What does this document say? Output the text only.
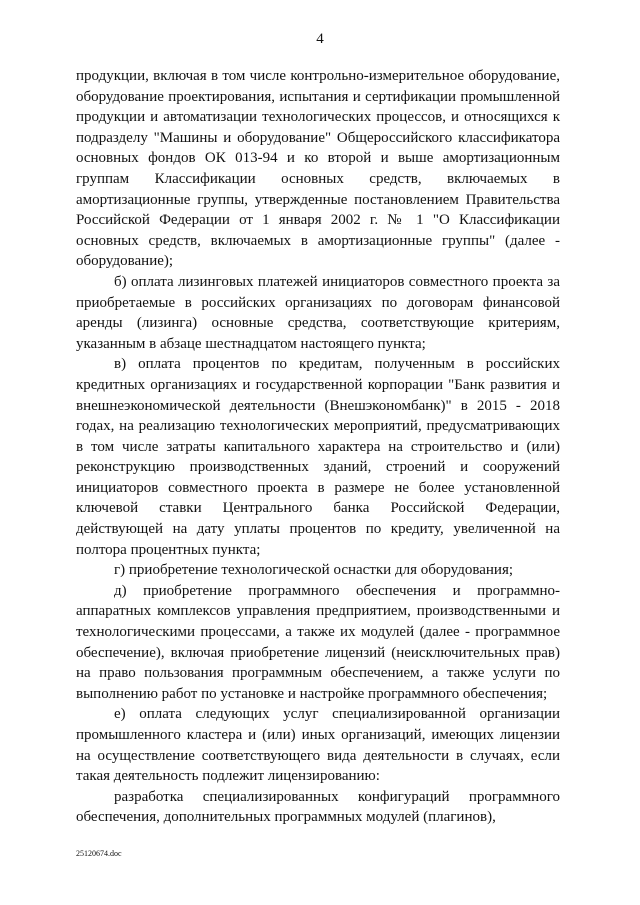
4

продукции, включая в том числе контрольно-измерительное оборудование, оборудование проектирования, испытания и сертификации промышленной продукции и автоматизации технологических процессов, и относящихся к подразделу "Машины и оборудование" Общероссийского классификатора основных фондов ОК 013-94 и ко второй и выше амортизационным группам Классификации основных средств, включаемых в амортизационные группы, утвержденные постановлением Правительства Российской Федерации от 1 января 2002 г. № 1 "О Классификации основных средств, включаемых в амортизационные группы" (далее - оборудование);

б) оплата лизинговых платежей инициаторов совместного проекта за приобретаемые в российских организациях по договорам финансовой аренды (лизинга) основные средства, соответствующие критериям, указанным в абзаце шестнадцатом настоящего пункта;

в) оплата процентов по кредитам, полученным в российских кредитных организациях и государственной корпорации "Банк развития и внешнеэкономической деятельности (Внешэкономбанк)" в 2015 - 2018 годах, на реализацию технологических мероприятий, предусматривающих в том числе затраты капитального характера на строительство и (или) реконструкцию производственных зданий, строений и сооружений инициаторов совместного проекта в размере не более установленной ключевой ставки Центрального банка Российской Федерации, действующей на дату уплаты процентов по кредиту, увеличенной на полтора процентных пункта;

г) приобретение технологической оснастки для оборудования;

д) приобретение программного обеспечения и программно-аппаратных комплексов управления предприятием, производственными и технологическими процессами, а также их модулей (далее - программное обеспечение), включая приобретение лицензий (неисключительных прав) на право пользования программным обеспечением, а также услуги по выполнению работ по установке и настройке программного обеспечения;

е) оплата следующих услуг специализированной организации промышленного кластера и (или) иных организаций, имеющих лицензии на осуществление соответствующего вида деятельности в случаях, если такая деятельность подлежит лицензированию:

разработка специализированных конфигураций программного обеспечения, дополнительных программных модулей (плагинов),

25120674.doc
